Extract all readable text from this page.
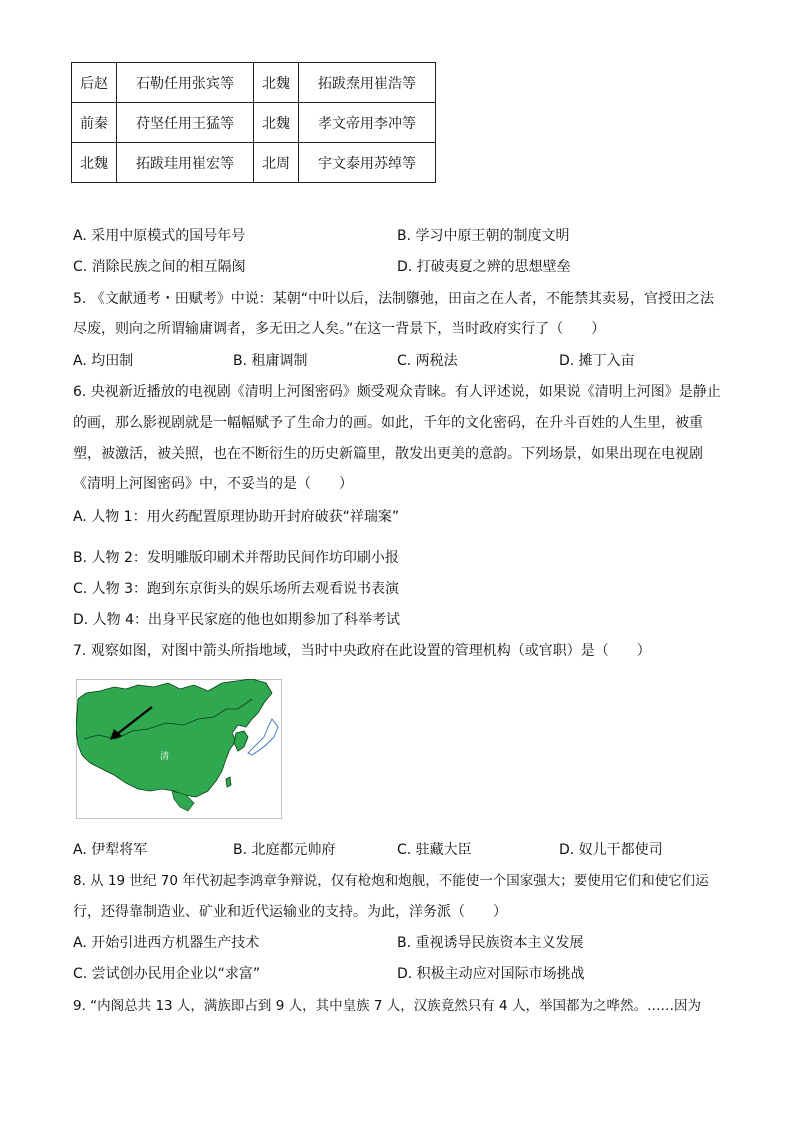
后赵	石勒任用张宾等	北魏	拓跋焘用崔浩等
前秦	苻坚任用王猛等	北魏	孝文帝用李冲等
北魏	拓跋珪用崔宏等	北周	宇文泰用苏绰等
A. 采用中原模式的国号年号	B. 学习中原王朝的制度文明
C. 消除民族之间的相互隔阂	D. 打破夷夏之辨的思想壁垒
5. 《文献通考・田赋考》中说：某朝“中叶以后，法制隳弛，田亩之在人者，不能禁其卖易，官授田之法
尽废，则向之所谓输庸调者，多无田之人矣。”在这一背景下，当时政府实行了（　　）
A. 均田制	B. 租庸调制	C. 两税法	D. 摊丁入亩
6. 央视新近播放的电视剧《清明上河图密码》颇受观众青睐。有人评述说，如果说《清明上河图》是静止
的画，那么影视剧就是一幅幅赋予了生命力的画。如此，千年的文化密码，在升斗百姓的人生里，被重
塑，被激活，被关照，也在不断衍生的历史新篇里，散发出更美的意韵。下列场景，如果出现在电视剧
《清明上河图密码》中，不妥当的是（　　）
A. 人物 1：用火药配置原理协助开封府破获“祥瑞案”
B. 人物 2：发明雕版印刷术并帮助民间作坊印刷小报
C. 人物 3：跑到东京街头的娱乐场所去观看说书表演
D. 人物 4：出身平民家庭的他也如期参加了科举考试
7. 观察如图，对图中箭头所指地域，当时中央政府在此设置的管理机构（或官职）是（　　）
清
A. 伊犁将军	B. 北庭都元帅府	C. 驻藏大臣	D. 奴儿干都使司
8. 从 19 世纪 70 年代初起李鸿章争辩说，仅有枪炮和炮舰，不能使一个国家强大；要使用它们和使它们运
行，还得靠制造业、矿业和近代运输业的支持。为此，洋务派（　　）
A. 开始引进西方机器生产技术	B. 重视诱导民族资本主义发展
C. 尝试创办民用企业以“求富”	D. 积极主动应对国际市场挑战
9. “内阁总共 13 人，满族即占到 9 人，其中皇族 7 人，汉族竟然只有 4 人，举国都为之哗然。……因为
